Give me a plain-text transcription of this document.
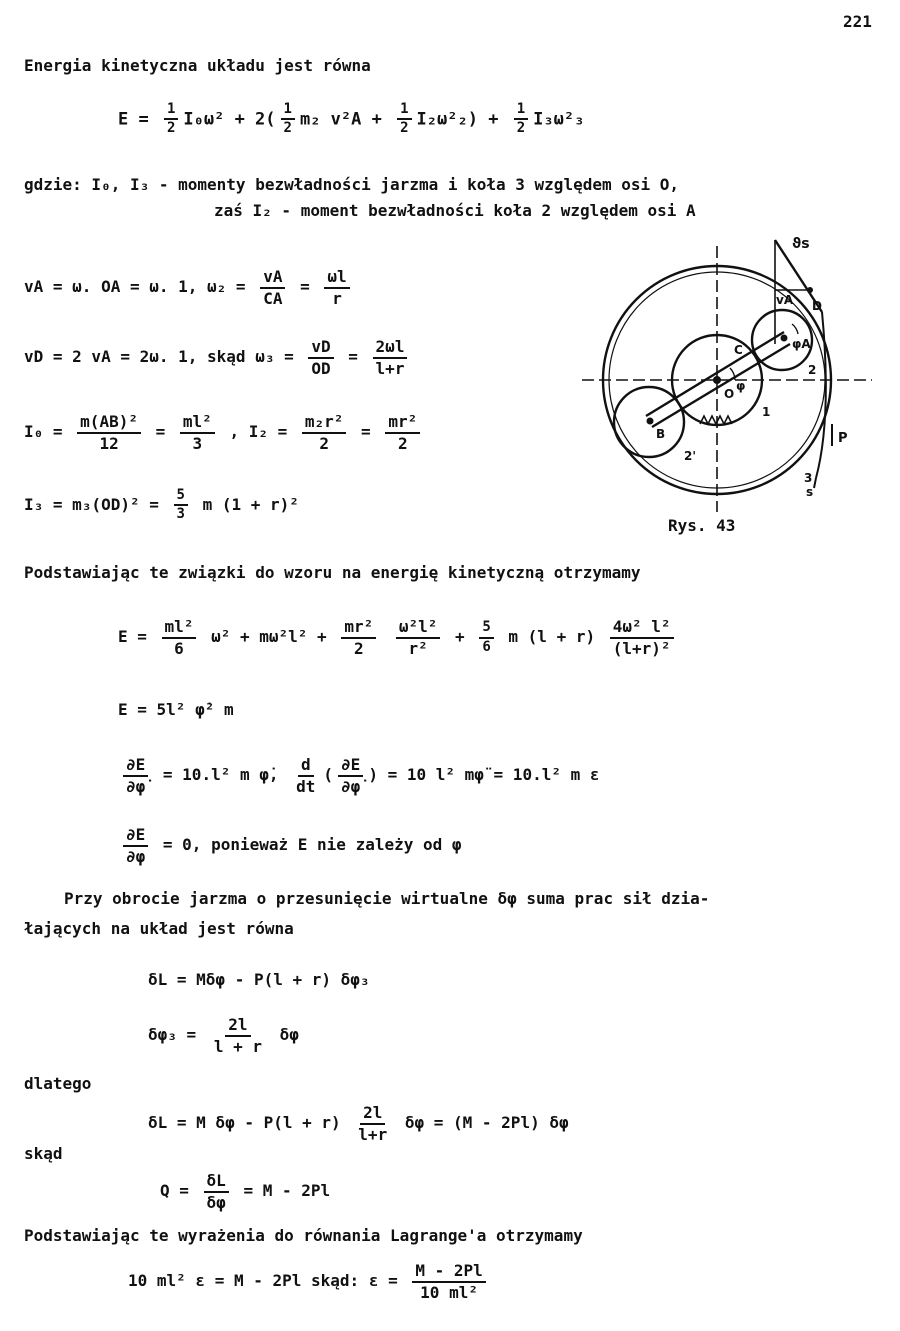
221
Energia kinetyczna układu jest równa
$E = \frac{1}{2} I_0\omega^2 + 2( \frac{1}{2} m_2$ $v^2A + \frac{1}{2} I_2\omega^2_2) + \frac{1}{2} I_3\omega^2_3$
gdzie: I₀, I₃ - momenty bezwładności jarzma i koła 3 względem osi O,
zaś I₂ - moment bezwładności koła 2 względem osi A
vA = ω. OA = ω. 1, $\omega_2 = \frac{vA}{CA} = \frac{\omega l}{r}$
vD = 2 vA = 2ω. 1, skąd $\omega_3 = \frac{vD}{OD} = \frac{2\omega l}{l+r}$
$I_0 = \frac{\text{m(AB)²}}{12} = \frac{\text{ml²}}{3}$ , $I_2 = \frac{\text{m₂r²}}{2} = \frac{\text{mr²}}{2}$
$I_3 = m_3(OD)^2 = \frac{5}{3}$ m (1 + r)²
ϑs
vA D
φA
2
C
O
φ
1
B
2'
P
s
3
Rys. 43
Podstawiając te związki do wzoru na energię kinetyczną otrzymamy
$E = \frac{\text{ml²}}{6} \omega^2 + m\omega^2l^2 + \frac{\text{mr²}}{2}$
$\frac{\text{ω²l²}}{\text{r²}} + \frac{5}{6}$ m $(l + r) \frac{\text{4ω² l²}}{\text{(l+r)²}}$
E = 5l² φ̇² m
$\frac{\partial E}{\partial\varphi̇} = 10.l^2$ m φ̇, $\frac{d}{dt}$ ( $\frac{\partial E}{\partial\varphi̇}$ ) = 10 l² mφ̈ = 10.l² m ε
$\frac{\partial E}{\partial\varphi} = 0$, ponieważ E nie zależy od φ
Przy obrocie jarzma o przesunięcie wirtualne δφ suma prac sił dzia-
łających na układ jest równa
δL = Mδφ - P(l + r) δφ₃
$\delta\varphi_3 = \frac{2l}{l + r}$ δφ
dlatego
δL = M $\delta\varphi - P(l + r) \frac{2l}{l+r}$ δφ = (M - 2Pl) δφ
skąd
$Q = \frac{\delta L}{\delta\varphi} = M - 2Pl$
Podstawiając te wyrażenia do równania Lagrange'a otrzymamy
10 ml² ε = M - 2Pl skąd: $\varepsilon = \frac{M - 2Pl}{\text{10 ml²}}$
